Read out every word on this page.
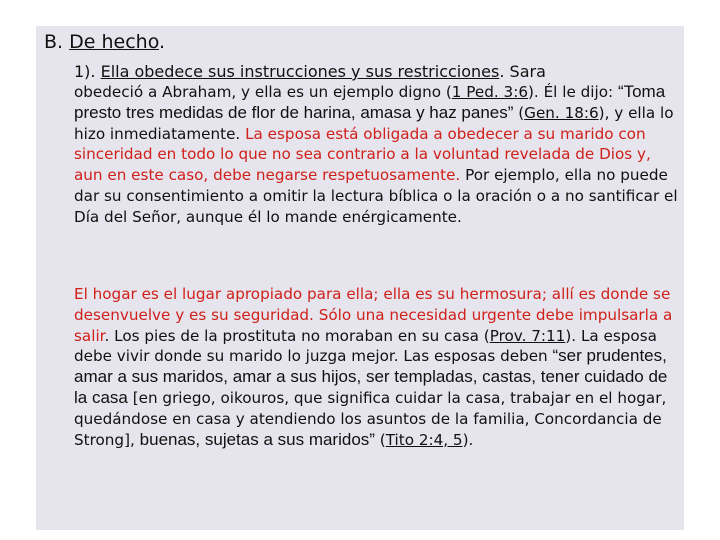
B. De hecho.
1). Ella obedece sus instrucciones y sus restricciones. Sara
obedeció a Abraham, y ella es un ejemplo digno (1 Ped. 3:6). Él le dijo: “Toma presto tres medidas de flor de harina, amasa y haz panes” (Gen. 18:6), y ella lo hizo inmediatamente. La esposa está obligada a obedecer a su marido con sinceridad en todo lo que no sea contrario a la voluntad revelada de Dios y, aun en este caso, debe negarse respetuosamente. Por ejemplo, ella no puede dar su consentimiento a omitir la lectura bíblica o la oración o a no santificar el Día del Señor, aunque él lo mande enérgicamente.
El hogar es el lugar apropiado para ella; ella es su hermosura; allí es donde se desenvuelve y es su seguridad. Sólo una necesidad urgente debe impulsarla a salir. Los pies de la prostituta no moraban en su casa (Prov. 7:11). La esposa debe vivir donde su marido lo juzga mejor. Las esposas deben “ser prudentes, amar a sus maridos, amar a sus hijos, ser templadas, castas, tener cuidado de la casa [en griego, oikouros, que significa cuidar la casa, trabajar en el hogar, quedándose en casa y atendiendo los asuntos de la familia, Concordancia de Strong], buenas, sujetas a sus maridos” (Tito 2:4, 5).
